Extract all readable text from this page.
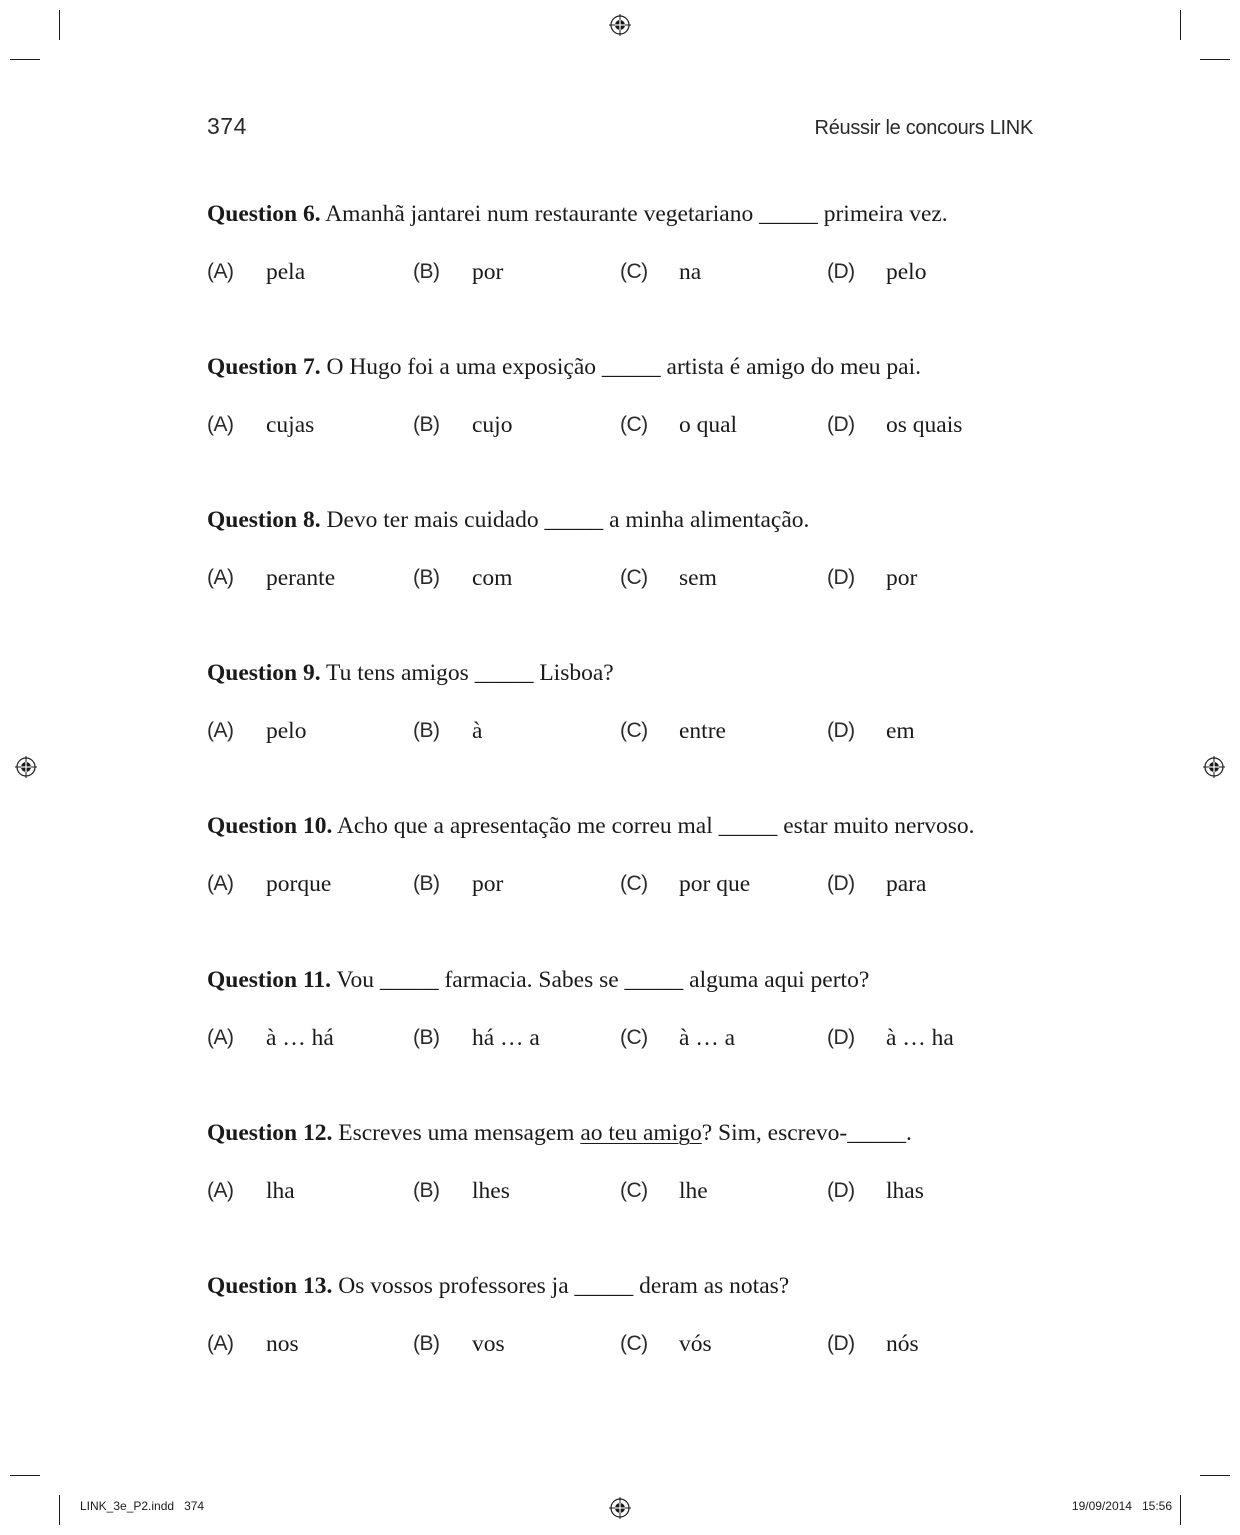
374	Réussir le concours LINK
Question 6. Amanhã jantarei num restaurante vegetariano _____ primeira vez.
(A) pela	(B) por	(C) na	(D) pelo
Question 7. O Hugo foi a uma exposição _____ artista é amigo do meu pai.
(A) cujas	(B) cujo	(C) o qual	(D) os quais
Question 8. Devo ter mais cuidado _____ a minha alimentação.
(A) perante	(B) com	(C) sem	(D) por
Question 9. Tu tens amigos _____ Lisboa?
(A) pelo	(B) à	(C) entre	(D) em
Question 10. Acho que a apresentação me correu mal _____ estar muito nervoso.
(A) porque	(B) por	(C) por que	(D) para
Question 11. Vou _____ farmacia. Sabes se _____ alguma aqui perto?
(A) à … há	(B) há … a	(C) à … a	(D) à … ha
Question 12. Escreves uma mensagem ao teu amigo? Sim, escrevo-_____.
(A) lha	(B) lhes	(C) lhe	(D) lhas
Question 13. Os vossos professores ja _____ deram as notas?
(A) nos	(B) vos	(C) vós	(D) nós
LINK_3e_P2.indd   374	19/09/2014   15:56
